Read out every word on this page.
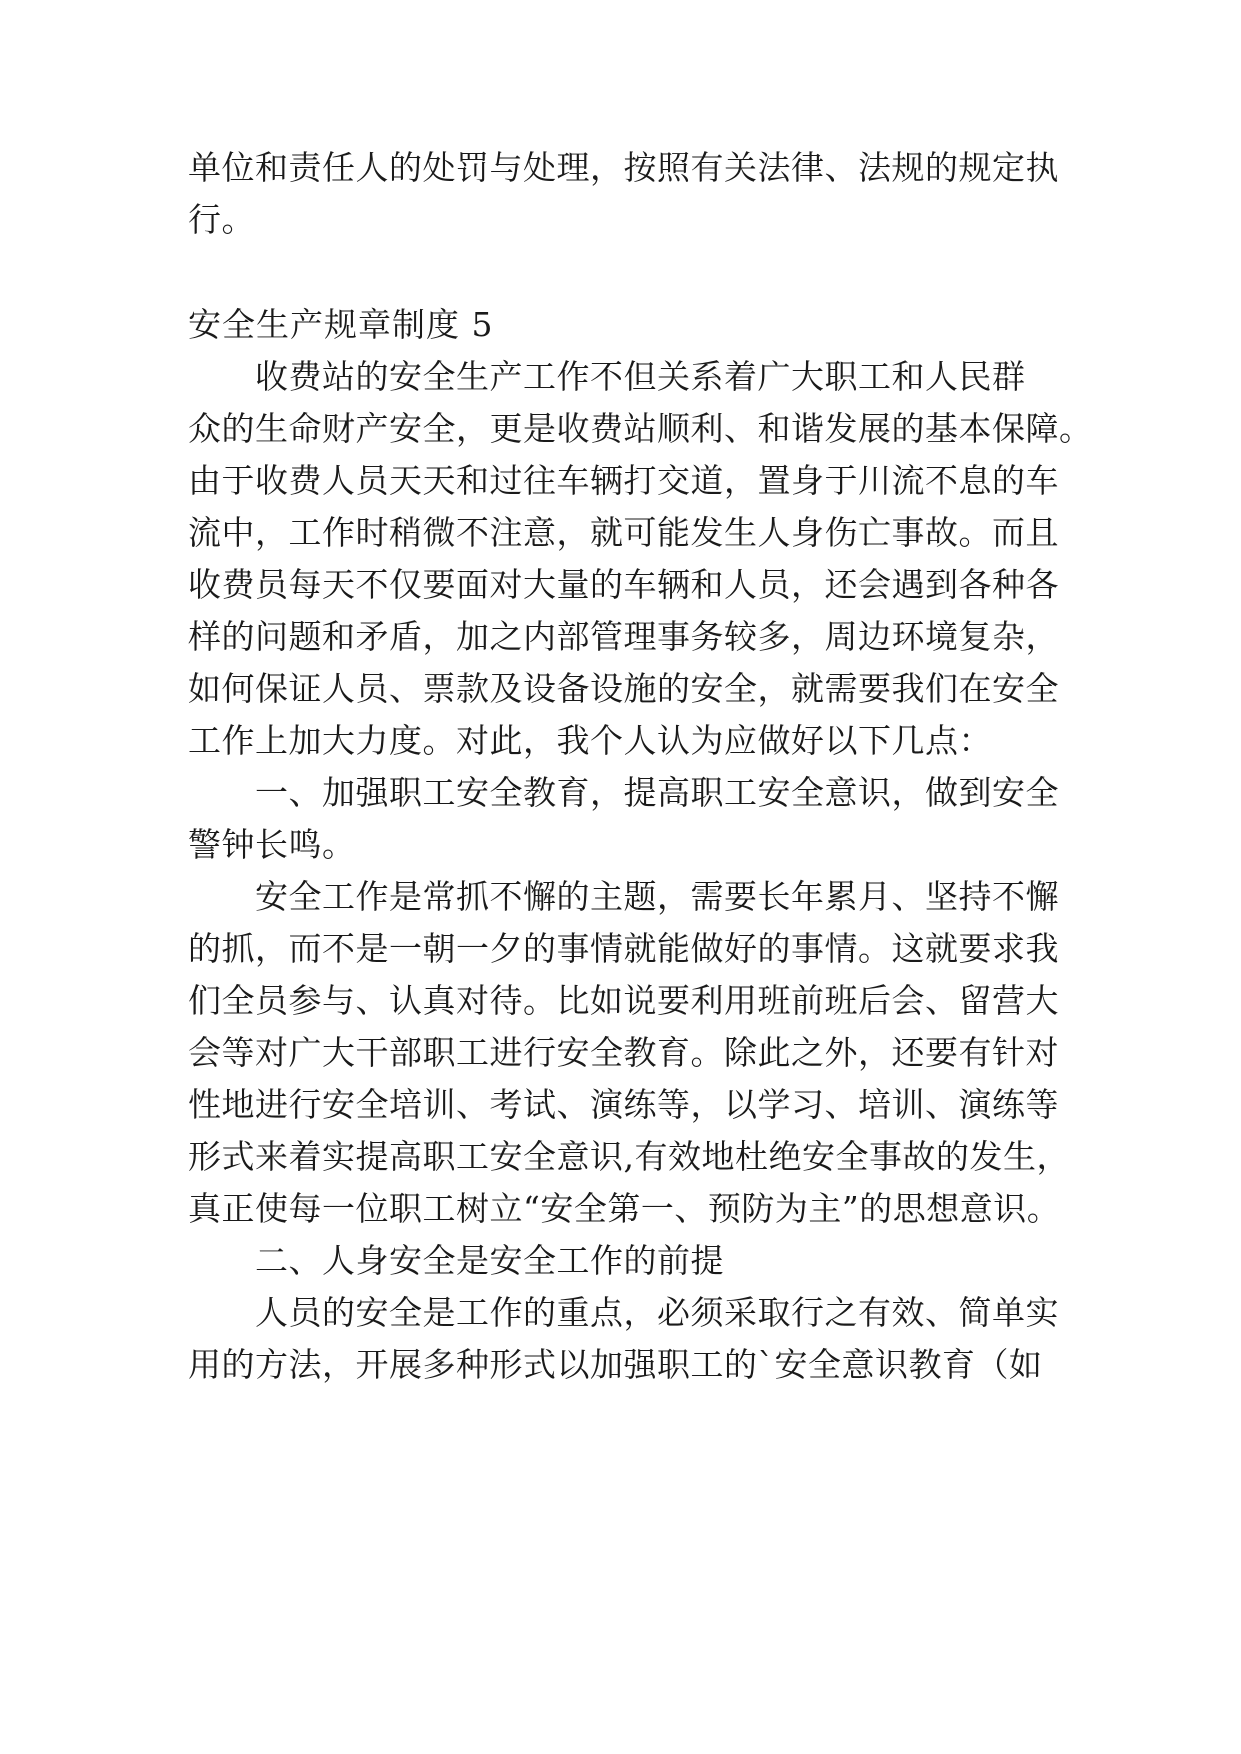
单位和责任人的处罚与处理，按照有关法律、法规的规定执
行。
安全生产规章制度 5
　　收费站的安全生产工作不但关系着广大职工和人民群
众的生命财产安全，更是收费站顺利、和谐发展的基本保障。
由于收费人员天天和过往车辆打交道，置身于川流不息的车
流中，工作时稍微不注意，就可能发生人身伤亡事故。而且
收费员每天不仅要面对大量的车辆和人员，还会遇到各种各
样的问题和矛盾，加之内部管理事务较多，周边环境复杂，
如何保证人员、票款及设备设施的安全，就需要我们在安全
工作上加大力度。对此，我个人认为应做好以下几点：
　　一、加强职工安全教育，提高职工安全意识，做到安全
警钟长鸣。
　　安全工作是常抓不懈的主题，需要长年累月、坚持不懈
的抓，而不是一朝一夕的事情就能做好的事情。这就要求我
们全员参与、认真对待。比如说要利用班前班后会、留营大
会等对广大干部职工进行安全教育。除此之外，还要有针对
性地进行安全培训、考试、演练等，以学习、培训、演练等
形式来着实提高职工安全意识,有效地杜绝安全事故的发生，
真正使每一位职工树立“安全第一、预防为主”的思想意识。
　　二、人身安全是安全工作的前提
　　人员的安全是工作的重点，必须采取行之有效、简单实
用的方法，开展多种形式以加强职工的`安全意识教育（如
